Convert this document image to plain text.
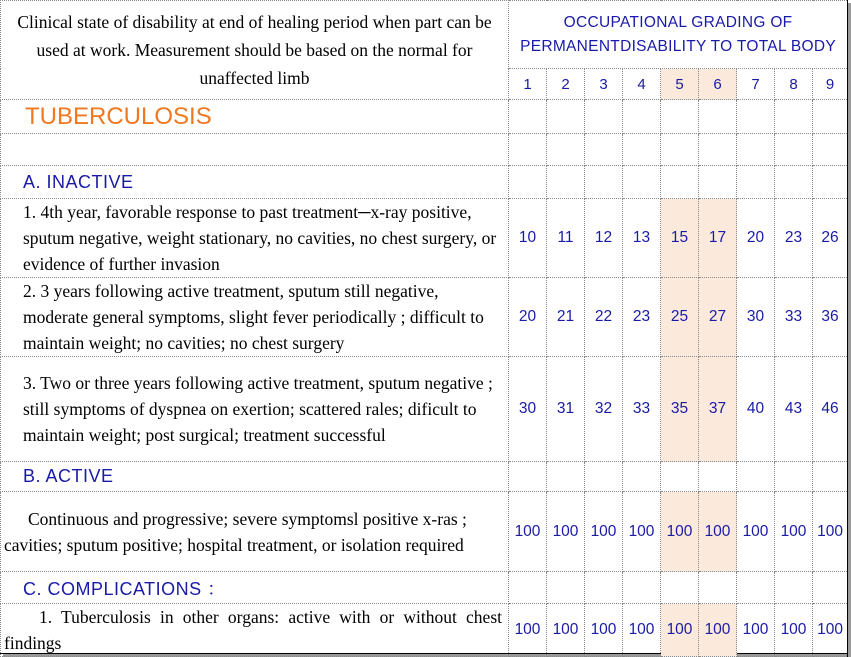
Clinical state of disability at end of healing period when part can be used at work. Measurement should be based on the normal for unaffected limb	OCCUPATIONAL GRADING OF PERMANENTDISABILITY TO TOTAL BODY								
	1	2	3	4	5	6	7	8	9
TUBERCULOSIS									

A. INACTIVE									
1. 4th year, favorable response to past treatment─x-ray positive, sputum negative, weight stationary, no cavities, no chest surgery, or evidence of further invasion	10	11	12	13	15	17	20	23	26
2. 3 years following active treatment, sputum still negative, moderate general symptoms, slight fever periodically ; difficult to maintain weight; no cavities; no chest surgery	20	21	22	23	25	27	30	33	36
3. Two or three years following active treatment, sputum negative ; still symptoms of dyspnea on exertion; scattered rales; dificult to maintain weight; post surgical; treatment successful	30	31	32	33	35	37	40	43	46
B. ACTIVE									
Continuous and progressive; severe symptomsl positive x-ras ; cavities; sputum positive; hospital treatment, or isolation required	100	100	100	100	100	100	100	100	100
C. COMPLICATIONS ：									
1. Tuberculosis in other organs: active with or without chest findings	100	100	100	100	100	100	100	100	100
